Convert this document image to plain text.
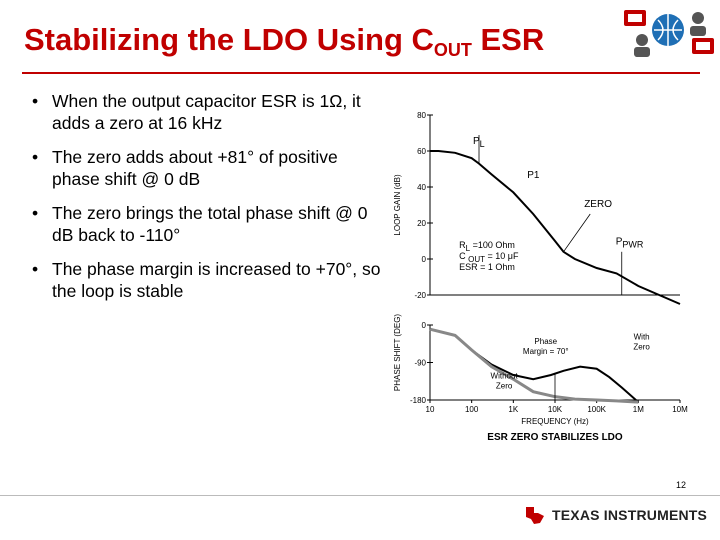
Stabilizing the LDO Using $C_{OUT}$ ESR
• When the output capacitor ESR is 1Ω, it adds a zero at 16 kHz
• The zero adds about +81° of positive phase shift @ 0 dB
• The zero brings the total phase shift @ 0 dB back to -110°
• The phase margin is increased to +70°, so the loop is stable
80
60
40
20
0
-20
0
-90
-180
10	100	1K	10K	100K	1M	10M
LOOP GAIN (dB)
PHASE SHIFT (DEG)
FREQUENCY (Hz)
ESR ZERO STABILIZES LDO
PL
P1
ZERO
PPWR
RL =100 Ohm
C OUT = 10 μF
ESR = 1 Ohm
Phase
Margin = 70°
With
Zero
Without
Zero
12
TEXAS INSTRUMENTS
